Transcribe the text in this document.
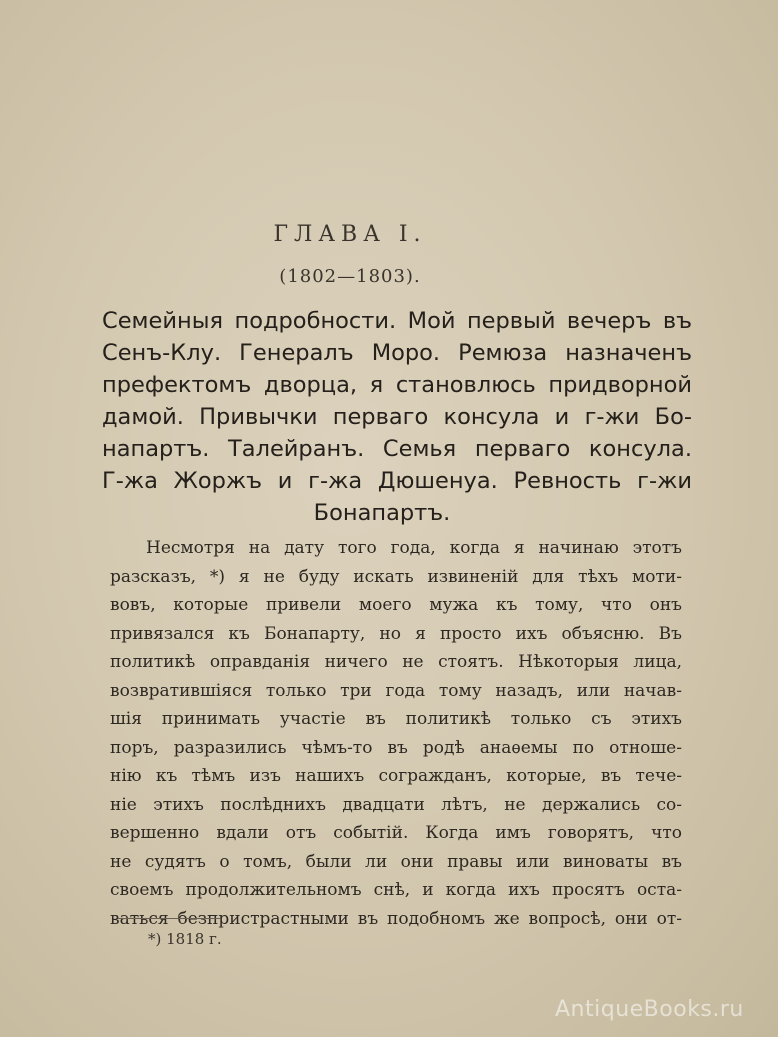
ГЛАВА I.
(1802—1803).
Семейныя подробности. Мой первый вечеръ въ
Сенъ-Клу. Генералъ Моро. Ремюза назначенъ
префектомъ дворца, я становлюсь придворной
дамой. Привычки перваго консула и г-жи Бо-
напартъ. Талейранъ. Семья перваго консула.
Г-жа Жоржъ и г-жа Дюшенуа. Ревность г-жи
Бонапартъ.
Несмотря на дату того года, когда я начинаю этотъ
разсказъ, *) я не буду искать извиненій для тѣхъ моти-
вовъ, которые привели моего мужа къ тому, что онъ
привязался къ Бонапарту, но я просто ихъ объясню. Въ
политикѣ оправданія ничего не стоятъ. Нѣкоторыя лица,
возвратившіяся только три года тому назадъ, или начав-
шія принимать участіе въ политикѣ только съ этихъ
поръ, разразились чѣмъ-то въ родѣ анаѳемы по отноше-
нію къ тѣмъ изъ нашихъ согражданъ, которые, въ тече-
ніе этихъ послѣднихъ двадцати лѣтъ, не держались со-
вершенно вдали отъ событій. Когда имъ говорятъ, что
не судятъ о томъ, были ли они правы или виноваты въ
своемъ продолжительномъ снѣ, и когда ихъ просятъ оста-
ваться безпристрастными въ подобномъ же вопросѣ, они от-
*) 1818 г.
AntiqueBooks.ru
